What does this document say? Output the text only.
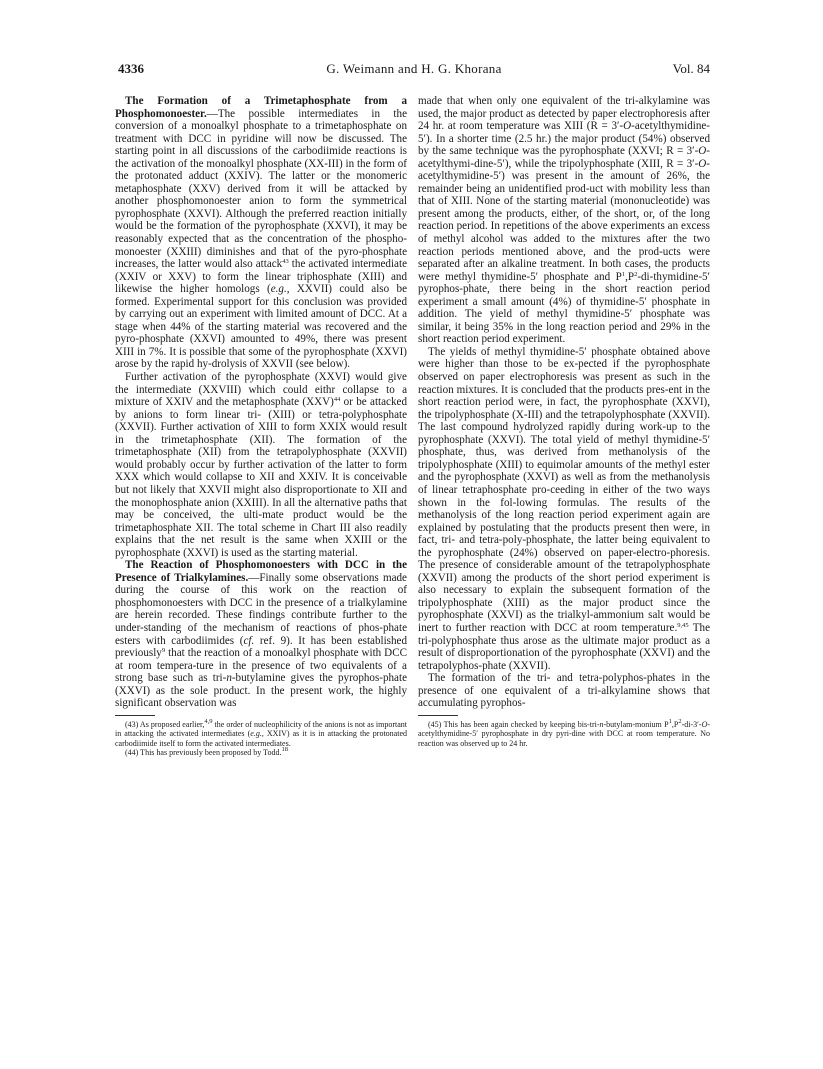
4336	G. Weimann and H. G. Khorana	Vol. 84

The Formation of a Trimetaphosphate from a Phosphomonoester.—The possible intermediates in the conversion of a monoalkyl phosphate to a trimetaphosphate on treatment with DCC in pyridine will now be discussed. The starting point in all discussions of the carbodiimide reactions is the activation of the monoalkyl phosphate (XX-III) in the form of the protonated adduct (XXIV). The latter or the monomeric metaphosphate (XXV) derived from it will be attacked by another phosphomonoester anion to form the symmetrical pyrophosphate (XXVI). Although the preferred reaction initially would be the formation of the pyrophosphate (XXVI), it may be reasonably expected that as the concentration of the phospho-monoester (XXIII) diminishes and that of the pyro-phosphate increases, the latter would also attack$^{43}$ the activated intermediate (XXIV or XXV) to form the linear triphosphate (XIII) and likewise the higher homologs (e.g., XXVII) could also be formed. Experimental support for this conclusion was provided by carrying out an experiment with limited amount of DCC. At a stage when 44% of the starting material was recovered and the pyro-phosphate (XXVI) amounted to 49%, there was present XIII in 7%. It is possible that some of the pyrophosphate (XXVI) arose by the rapid hy-drolysis of XXVII (see below).

Further activation of the pyrophosphate (XXVI) would give the intermediate (XXVIII) which could eithr collapse to a mixture of XXIV and the metaphosphate (XXV)$^{44}$ or be attacked by anions to form linear tri- (XIII) or tetra-polyphosphate (XXVII). Further activation of XIII to form XXIX would result in the trimetaphosphate (XII). The formation of the trimetaphosphate (XII) from the tetrapolyphosphate (XXVII) would probably occur by further activation of the latter to form XXX which would collapse to XII and XXIV. It is conceivable but not likely that XXVII might also disproportionate to XII and the monophosphate anion (XXIII). In all the alternative paths that may be conceived, the ulti-mate product would be the trimetaphosphate XII. The total scheme in Chart III also readily explains that the net result is the same when XXIII or the pyrophosphate (XXVI) is used as the starting material.

The Reaction of Phosphomonoesters with DCC in the Presence of Trialkylamines.—Finally some observations made during the course of this work on the reaction of phosphomonoesters with DCC in the presence of a trialkylamine are herein recorded. These findings contribute further to the under-standing of the mechanism of reactions of phos-phate esters with carbodiimides (cf. ref. 9). It has been established previously$^9$ that the reaction of a monoalkyl phosphate with DCC at room tempera-ture in the presence of two equivalents of a strong base such as tri-n-butylamine gives the pyrophos-phate (XXVI) as the sole product. In the present work, the highly significant observation was

(43) As proposed earlier,$^{4,9}$ the order of nucleophilicity of the anions is not as important in attacking the activated intermediates (e.g., XXIV) as it is in attacking the protonated carbodiimide itself to form the activated intermediates.

(44) This has previously been proposed by Todd.$^{18}$

made that when only one equivalent of the tri-alkylamine was used, the major product as detected by paper electrophoresis after 24 hr. at room temperature was XIII (R = 3′-O-acetylthymidine-5′). In a shorter time (2.5 hr.) the major product (54%) observed by the same technique was the pyrophosphate (XXVI; R = 3′-O-acetylthymi-dine-5′), while the tripolyphosphate (XIII, R = 3′-O-acetylthymidine-5′) was present in the amount of 26%, the remainder being an unidentified prod-uct with mobility less than that of XIII. None of the starting material (mononucleotide) was present among the products, either, of the short, or, of the long reaction period. In repetitions of the above experiments an excess of methyl alcohol was added to the mixtures after the two reaction periods mentioned above, and the prod-ucts were separated after an alkaline treatment. In both cases, the products were methyl thymidine-5′ phosphate and $P^1,P^2-di-thymidine-5'$ pyrophos-phate, there being in the short reaction period experiment a small amount (4%) of thymidine-5′ phosphate in addition. The yield of methyl thymidine-5′ phosphate was similar, it being 35% in the long reaction period and 29% in the short reaction period experiment.

The yields of methyl thymidine-5′ phosphate obtained above were higher than those to be ex-pected if the pyrophosphate observed on paper electrophoresis was present as such in the reaction mixtures. It is concluded that the products pres-ent in the short reaction period were, in fact, the pyrophosphate (XXVI), the tripolyphosphate (X-III) and the tetrapolyphosphate (XXVII). The last compound hydrolyzed rapidly during work-up to the pyrophosphate (XXVI). The total yield of methyl thymidine-5′ phosphate, thus, was derived from methanolysis of the tripolyphosphate (XIII) to equimolar amounts of the methyl ester and the pyrophosphate (XXVI) as well as from the methanolysis of linear tetraphosphate pro-ceeding in either of the two ways shown in the fol-lowing formulas. The results of the methanolysis of the long reaction period experiment again are explained by postulating that the products present then were, in fact, tri- and tetra-poly-phosphate, the latter being equivalent to the pyrophosphate (24%) observed on paper-electro-phoresis. The presence of considerable amount of the tetrapolyphosphate (XXVII) among the products of the short period experiment is also necessary to explain the subsequent formation of the tripolyphosphate (XIII) as the major product since the pyrophosphate (XXVI) as the trialkyl-ammonium salt would be inert to further reaction with DCC at room temperature.$^{9,45}$ The tri-polyphosphate thus arose as the ultimate major product as a result of disproportionation of the pyrophosphate (XXVI) and the tetrapolyphos-phate (XXVII).

The formation of the tri- and tetra-polyphos-phates in the presence of one equivalent of a tri-alkylamine shows that accumulating pyrophos-

(45) This has been again checked by keeping bis-tri-n-butylam-monium $P^1,P^2-di-3'-O-acetylthymidine-5'$ pyrophosphate in dry pyri-dine with DCC at room temperature. No reaction was observed up to 24 hr.
